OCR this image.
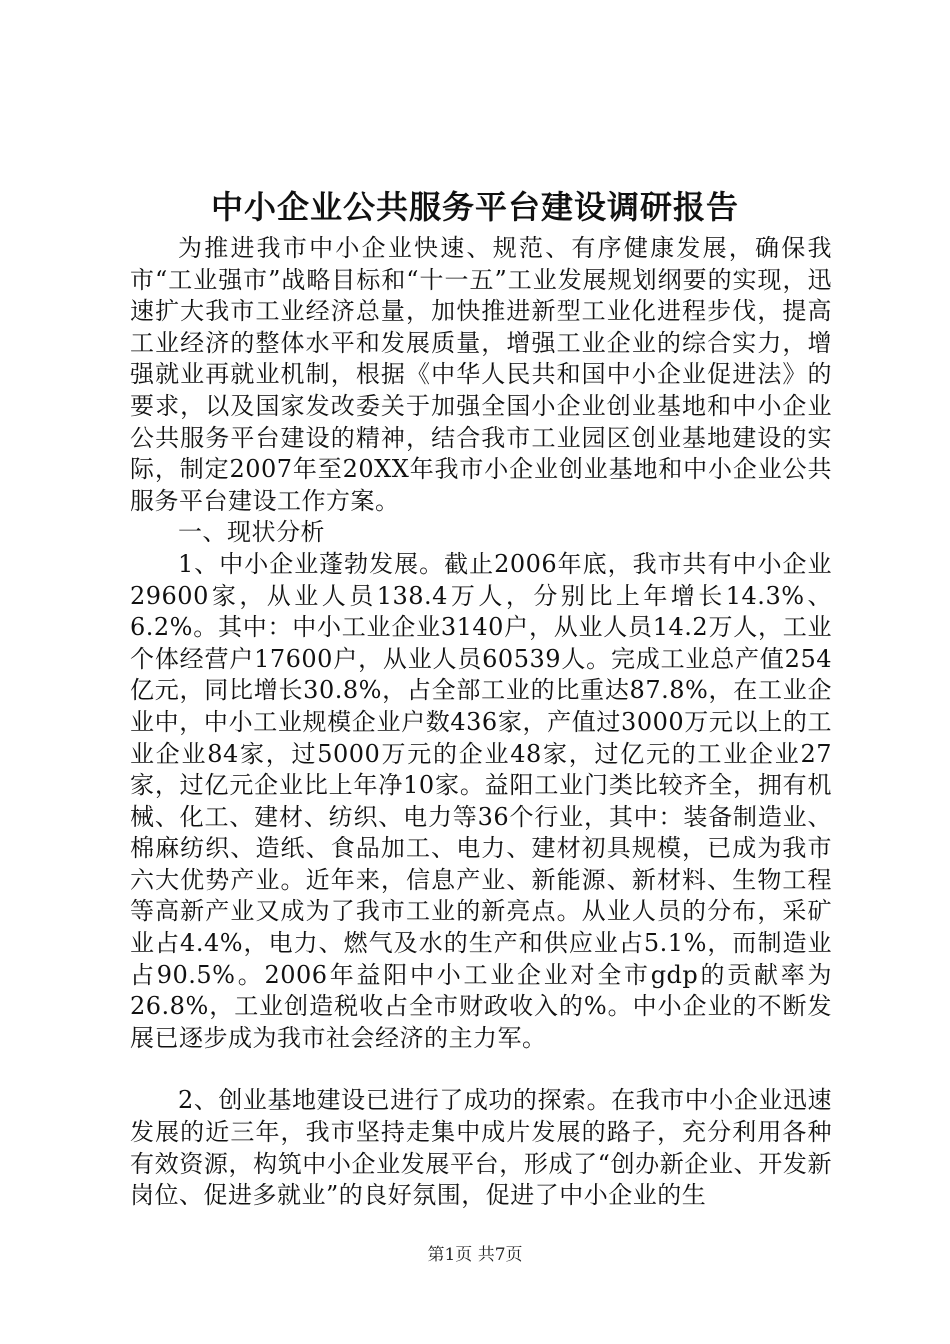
中小企业公共服务平台建设调研报告

为推进我市中小企业快速、规范、有序健康发展，确保我市“工业强市”战略目标和“十一五”工业发展规划纲要的实现，迅速扩大我市工业经济总量，加快推进新型工业化进程步伐，提高工业经济的整体水平和发展质量，增强工业企业的综合实力，增强就业再就业机制，根据《中华人民共和国中小企业促进法》的要求，以及国家发改委关于加强全国小企业创业基地和中小企业公共服务平台建设的精神，结合我市工业园区创业基地建设的实际，制定2007年至20XX年我市小企业创业基地和中小企业公共服务平台建设工作方案。

一、现状分析

1、中小企业蓬勃发展。截止2006年底，我市共有中小企业29600家，从业人员138.4万人，分别比上年增长14.3%、6.2%。其中：中小工业企业3140户，从业人员14.2万人，工业个体经营户17600户，从业人员60539人。完成工业总产值254亿元，同比增长30.8%，占全部工业的比重达87.8%，在工业企业中，中小工业规模企业户数436家，产值过3000万元以上的工业企业84家，过5000万元的企业48家，过亿元的工业企业27家，过亿元企业比上年净10家。益阳工业门类比较齐全，拥有机械、化工、建材、纺织、电力等36个行业，其中：装备制造业、棉麻纺织、造纸、食品加工、电力、建材初具规模，已成为我市六大优势产业。近年来，信息产业、新能源、新材料、生物工程等高新产业又成为了我市工业的新亮点。从业人员的分布，采矿业占4.4%，电力、燃气及水的生产和供应业占5.1%，而制造业占90.5%。2006年益阳中小工业企业对全市gdp的贡献率为26.8%，工业创造税收占全市财政收入的%。中小企业的不断发展已逐步成为我市社会经济的主力军。

2、创业基地建设已进行了成功的探索。在我市中小企业迅速发展的近三年，我市坚持走集中成片发展的路子，充分利用各种有效资源，构筑中小企业发展平台，形成了“创办新企业、开发新岗位、促进多就业”的良好氛围，促进了中小企业的生

第1页 共7页
